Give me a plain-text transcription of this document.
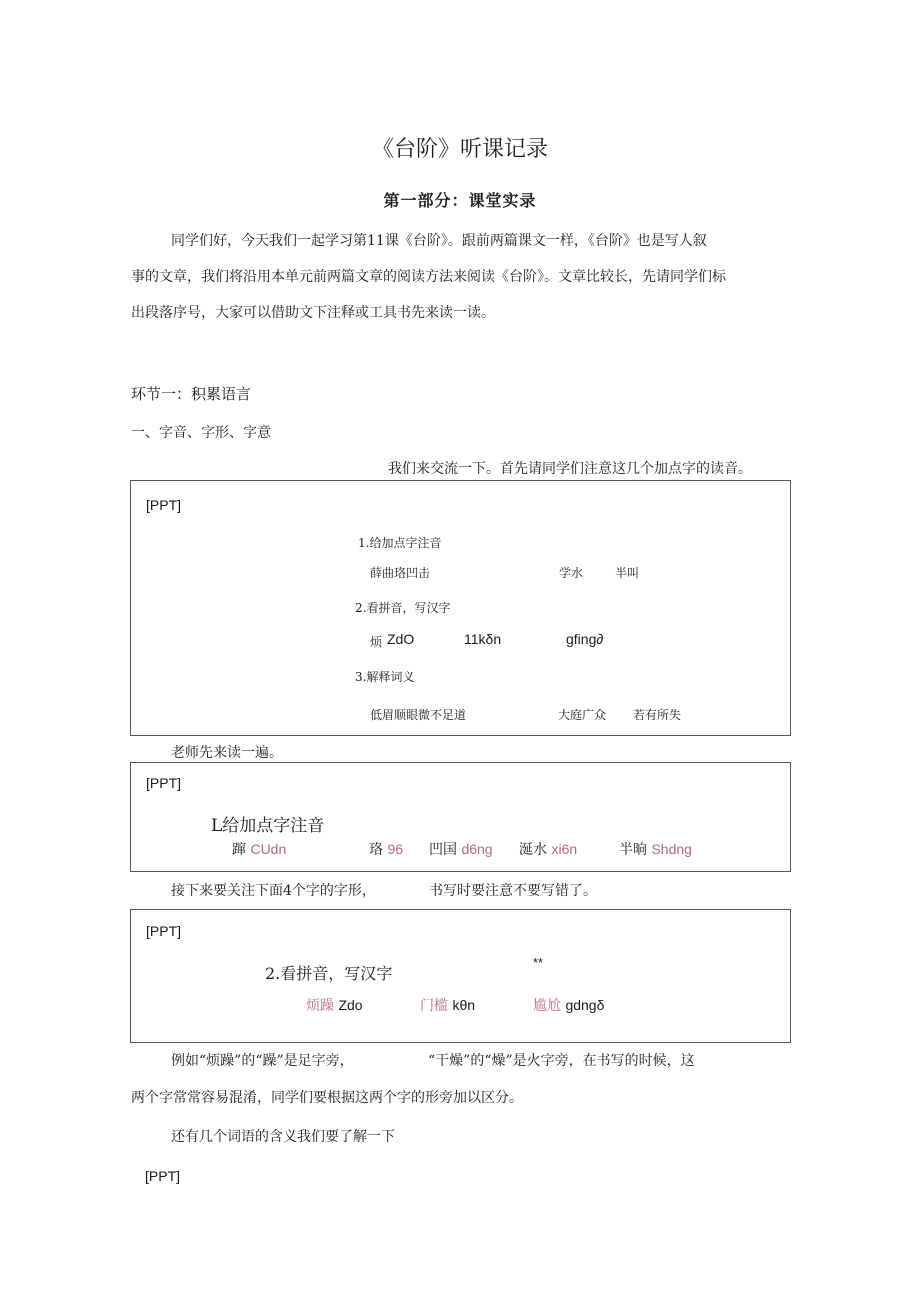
《台阶》听课记录
第一部分：课堂实录
同学们好，今天我们一起学习第11课《台阶》。跟前两篇课文一样，《台阶》也是写人叙
事的文章，我们将沿用本单元前两篇文章的阅读方法来阅读《台阶》。文章比较长，先请同学们标
出段落序号，大家可以借助文下注释或工具书先来读一读。
环节一：积累语言
一、字音、字形、字意
我们来交流一下。首先请同学们注意这几个加点字的读音。
[PPT]
1.给加点字注音
薛曲珞凹击	学水	半叫
2.看拼音，写汉字
烦 ZdO	11kδn	gfing∂
3.解释词义
低眉顺眼微不足道	大庭广众 若有所失
老师先来读一遍。
[PPT]
L给加点字注音
蹿 CUdn	珞 96 凹国 d6ng 涎水 xi6n	半晌 Shdng
接下来要关注下面4个字的字形，	书写时要注意不要写错了。
[PPT]
2.看拼音，写汉字
**
烦躁 Zdo	门槛 kθn	尴尬 gdngδ
例如“烦躁”的“躁”是足字旁，	“干燥”的“燥”是火字旁，在书写的时候，这
两个字常常容易混淆，同学们要根据这两个字的形旁加以区分。
还有几个词语的含义我们要了解一下
[PPT]
